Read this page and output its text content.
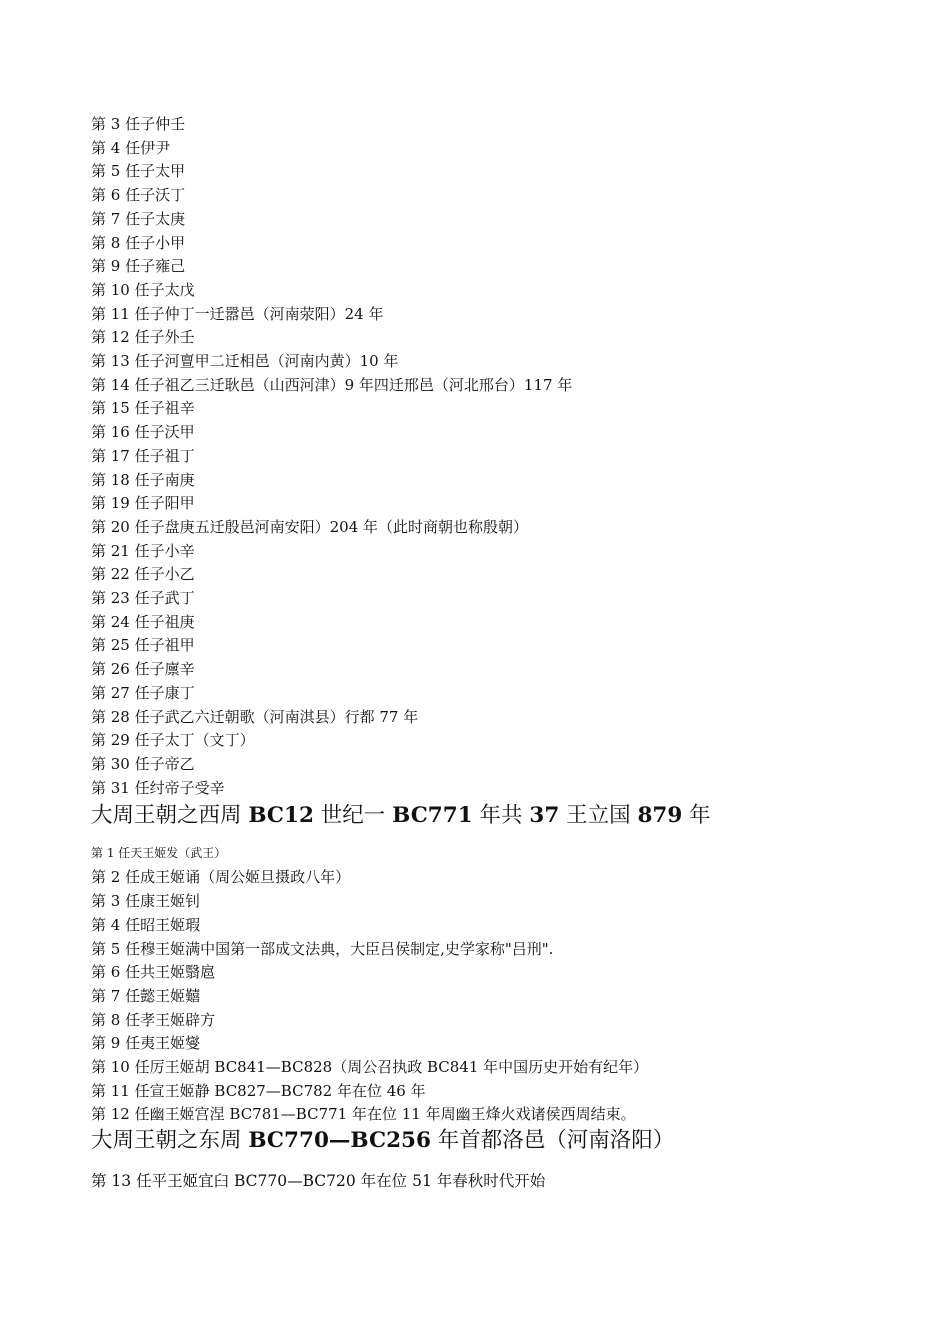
第 3 任子仲壬
第 4 任伊尹
第 5 任子太甲
第 6 任子沃丁
第 7 任子太庚
第 8 任子小甲
第 9 任子雍己
第 10 任子太戊
第 11 任子仲丁一迁嚣邑（河南荥阳）24 年
第 12 任子外壬
第 13 任子河亶甲二迁相邑（河南内黄）10 年
第 14 任子祖乙三迁耿邑（山西河津）9 年四迁邢邑（河北邢台）117 年
第 15 任子祖辛
第 16 任子沃甲
第 17 任子祖丁
第 18 任子南庚
第 19 任子阳甲
第 20 任子盘庚五迁殷邑河南安阳）204 年（此时商朝也称殷朝）
第 21 任子小辛
第 22 任子小乙
第 23 任子武丁
第 24 任子祖庚
第 25 任子祖甲
第 26 任子廪辛
第 27 任子康丁
第 28 任子武乙六迁朝歌（河南淇县）行都 77 年
第 29 任子太丁（文丁）
第 30 任子帝乙
第 31 任纣帝子受辛
大周王朝之西周 BC12 世纪一 BC771 年共 37 王立国 879 年
第 1 任天王姬发（武王）
第 2 任成王姬诵（周公姬旦摄政八年）
第 3 任康王姬钊
第 4 任昭王姬瑕
第 5 任穆王姬满中国第一部成文法典，大臣吕侯制定,史学家称"吕刑".
第 6 任共王姬翳扈
第 7 任懿王姬囏
第 8 任孝王姬辟方
第 9 任夷王姬燮
第 10 任厉王姬胡 BC841—BC828（周公召执政 BC841 年中国历史开始有纪年）
第 11 任宣王姬静 BC827—BC782 年在位 46 年
第 12 任幽王姬宫涅 BC781—BC771 年在位 11 年周幽王烽火戏诸侯西周结束。
大周王朝之东周 BC770—BC256 年首都洛邑（河南洛阳）
第 13 任平王姬宜臼 BC770—BC720 年在位 51 年春秋时代开始
